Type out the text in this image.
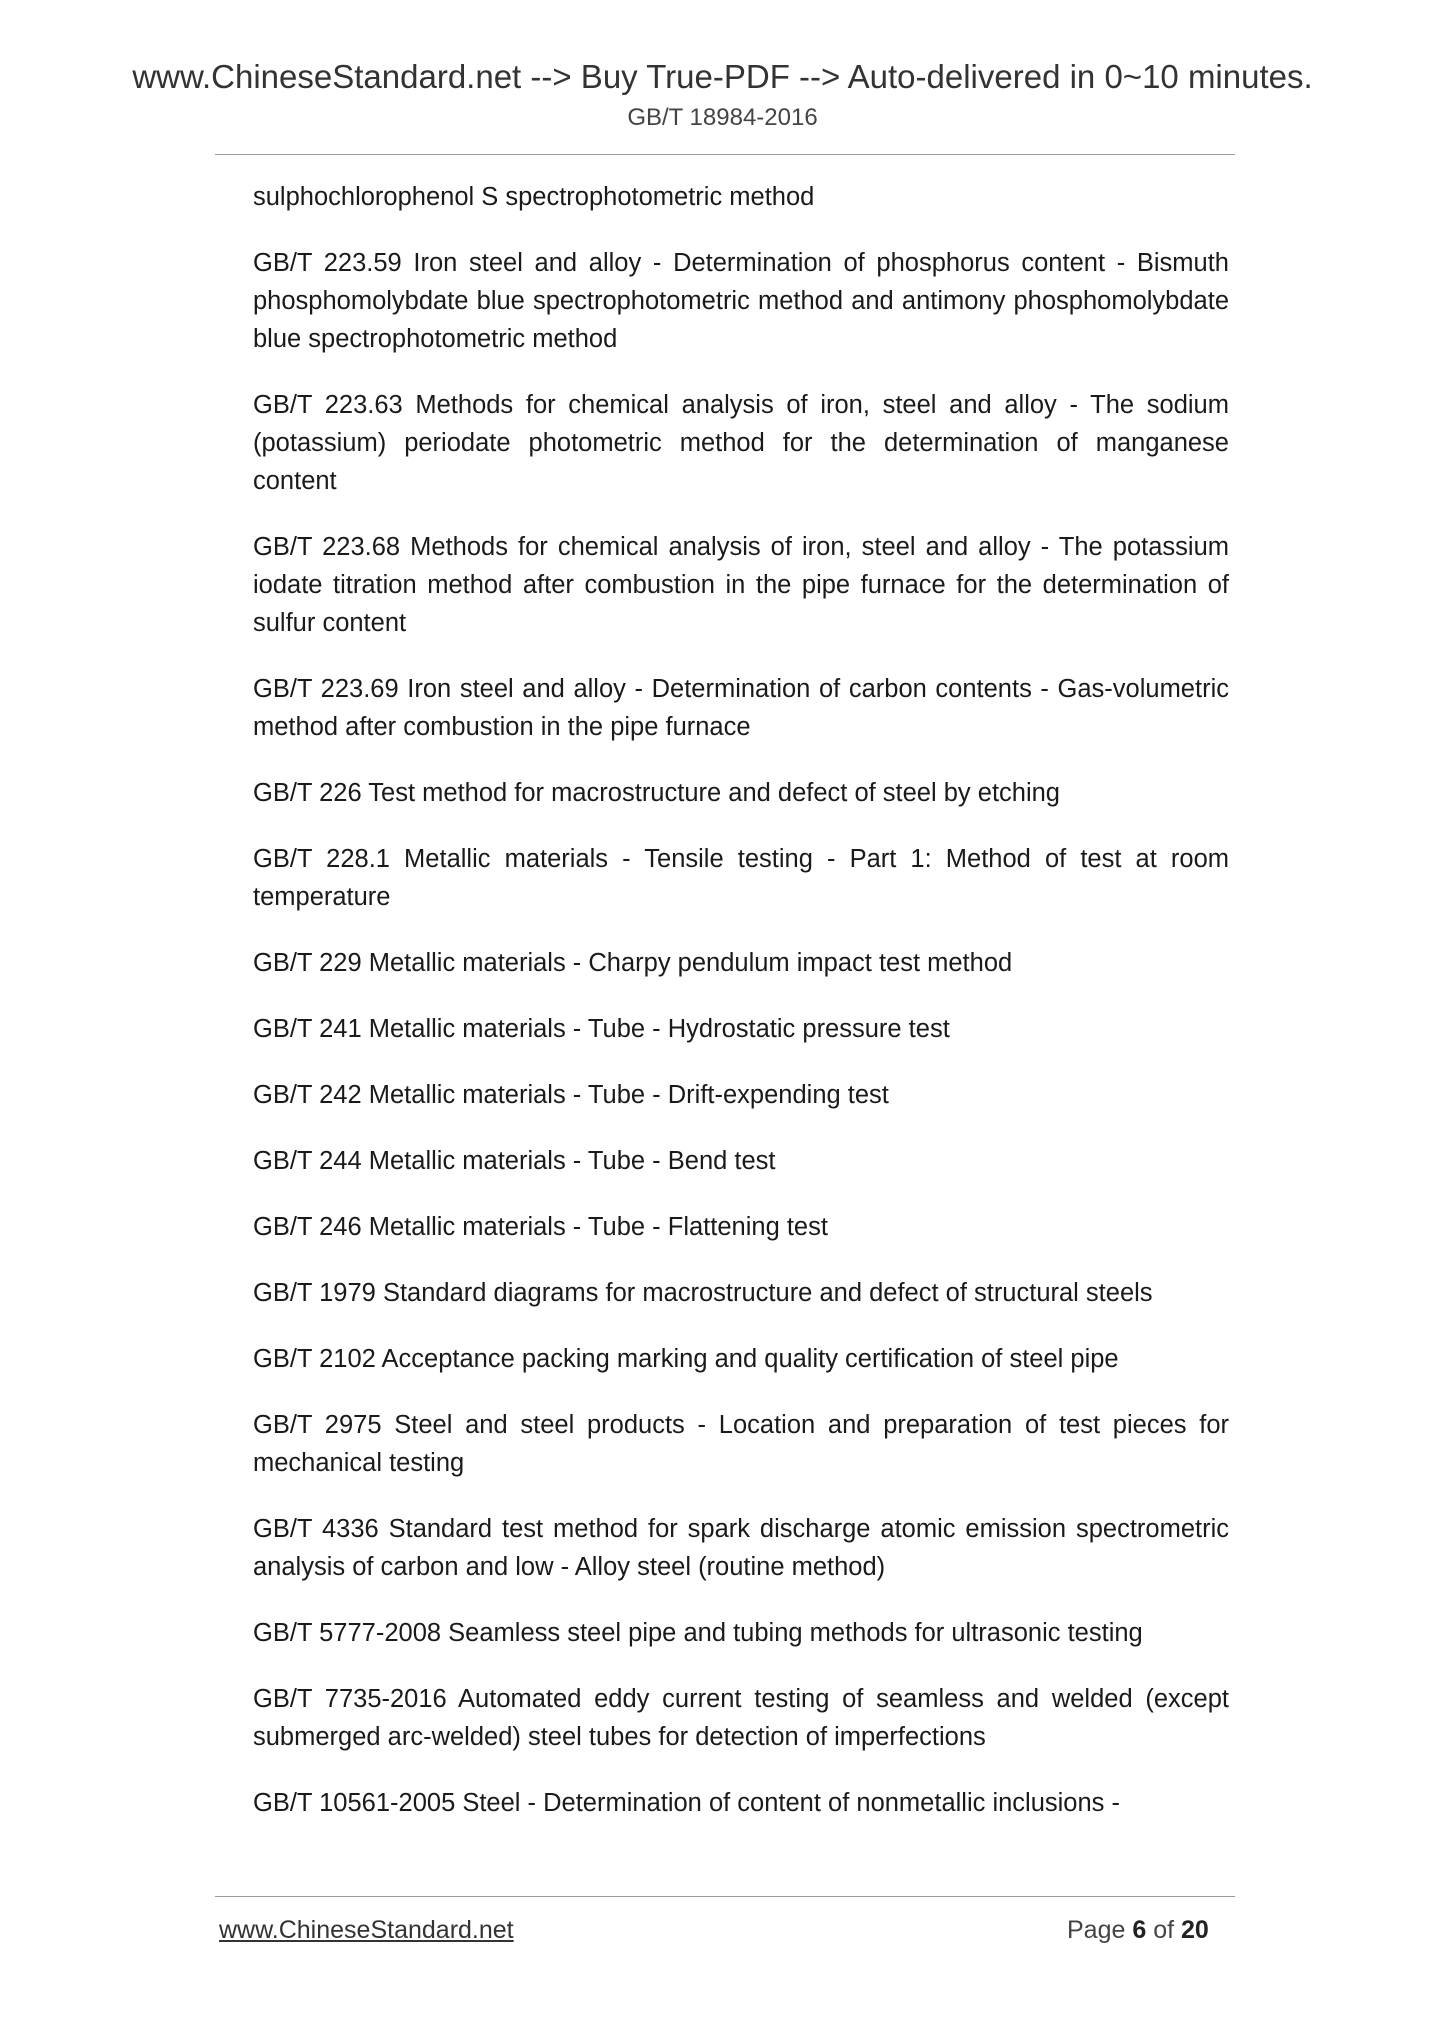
www.ChineseStandard.net --> Buy True-PDF --> Auto-delivered in 0~10 minutes.
GB/T 18984-2016

sulphochlorophenol S spectrophotometric method

GB/T 223.59 Iron steel and alloy - Determination of phosphorus content - Bismuth phosphomolybdate blue spectrophotometric method and antimony phosphomolybdate blue spectrophotometric method

GB/T 223.63 Methods for chemical analysis of iron, steel and alloy - The sodium (potassium) periodate photometric method for the determination of manganese content

GB/T 223.68 Methods for chemical analysis of iron, steel and alloy - The potassium iodate titration method after combustion in the pipe furnace for the determination of sulfur content

GB/T 223.69 Iron steel and alloy - Determination of carbon contents - Gas-volumetric method after combustion in the pipe furnace

GB/T 226 Test method for macrostructure and defect of steel by etching

GB/T 228.1 Metallic materials - Tensile testing - Part 1: Method of test at room temperature

GB/T 229 Metallic materials - Charpy pendulum impact test method

GB/T 241 Metallic materials - Tube - Hydrostatic pressure test

GB/T 242 Metallic materials - Tube - Drift-expending test

GB/T 244 Metallic materials - Tube - Bend test

GB/T 246 Metallic materials - Tube - Flattening test

GB/T 1979 Standard diagrams for macrostructure and defect of structural steels

GB/T 2102 Acceptance packing marking and quality certification of steel pipe

GB/T 2975 Steel and steel products - Location and preparation of test pieces for mechanical testing

GB/T 4336 Standard test method for spark discharge atomic emission spectrometric analysis of carbon and low - Alloy steel (routine method)

GB/T 5777-2008 Seamless steel pipe and tubing methods for ultrasonic testing

GB/T 7735-2016 Automated eddy current testing of seamless and welded (except submerged arc-welded) steel tubes for detection of imperfections

GB/T 10561-2005 Steel - Determination of content of nonmetallic inclusions -

www.ChineseStandard.net	Page 6 of 20
